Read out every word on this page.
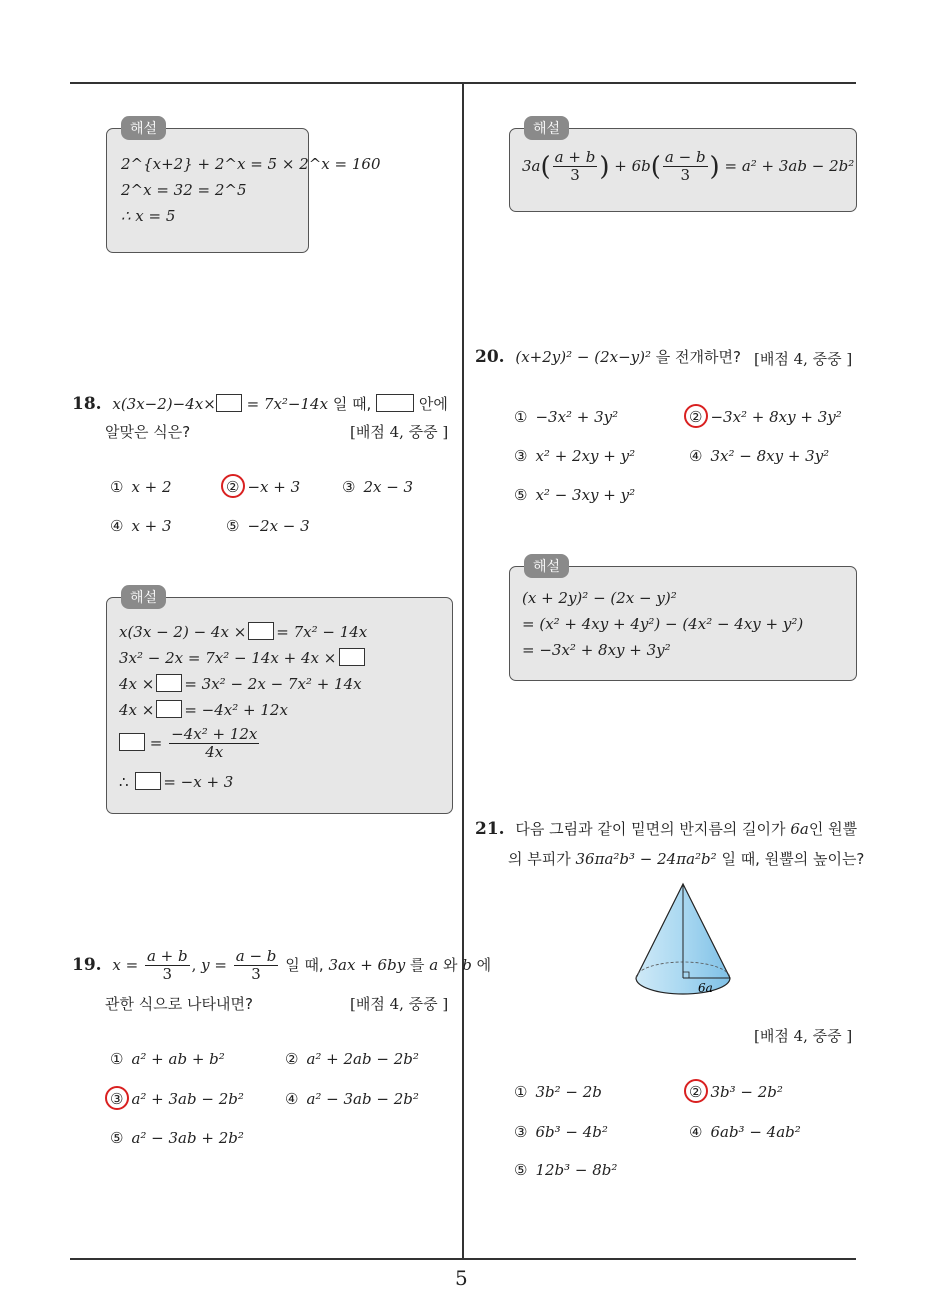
5
해설
2^{x+2} + 2^x = 5 × 2^x = 160
2^x = 32 = 2^5
∴ x = 5
18. x(3x−2)−4x× = 7x²−14x 일 때,	안에
알맞은 식은?	[배점 4, 중중 ]
① x + 2	② −x + 3	③ 2x − 3
④ x + 3	⑤ −2x − 3
해설
x(3x − 2) − 4x × = 7x² − 14x
3x² − 2x = 7x² − 14x + 4x ×
4x × = 3x² − 2x − 7x² + 14x
4x × = −4x² + 12x
= $\frac{\text{−4x² + 12x}}{4x}$
∴ = −x + 3
19. $x = \frac{a + b}{3}$ , $y = \frac{a - b}{3}$ 일 때, 3ax + 6by 를 a 와 b 에
관한 식으로 나타내면?	[배점 4, 중중 ]
① a² + ab + b²	② a² + 2ab − 2b²
③ a² + 3ab − 2b²	④ a² − 3ab − 2b²
⑤ a² − 3ab + 2b²
해설
$3a( \frac{a + b}{3}$ ) + $6b( \frac{a - b}{3}$ ) = a² + 3ab − 2b²
20. (x+2y)² − (2x−y)² 을 전개하면? [배점 4, 중중 ]
① −3x² + 3y²	② −3x² + 8xy + 3y²
③ x² + 2xy + y²	④ 3x² − 8xy + 3y²
⑤ x² − 3xy + y²
해설
(x + 2y)² − (2x − y)²
= (x² + 4xy + 4y²) − (4x² − 4xy + y²)
= −3x² + 8xy + 3y²
21. 다음 그림과 같이 밑면의 반지름의 길이가 6a인 원뿔
의 부피가 36πa²b³ − 24πa²b² 일 때, 원뿔의 높이는?
6a
[배점 4, 중중 ]
① 3b² − 2b	② 3b³ − 2b²
③ 6b³ − 4b²	④ 6ab³ − 4ab²
⑤ 12b³ − 8b²
